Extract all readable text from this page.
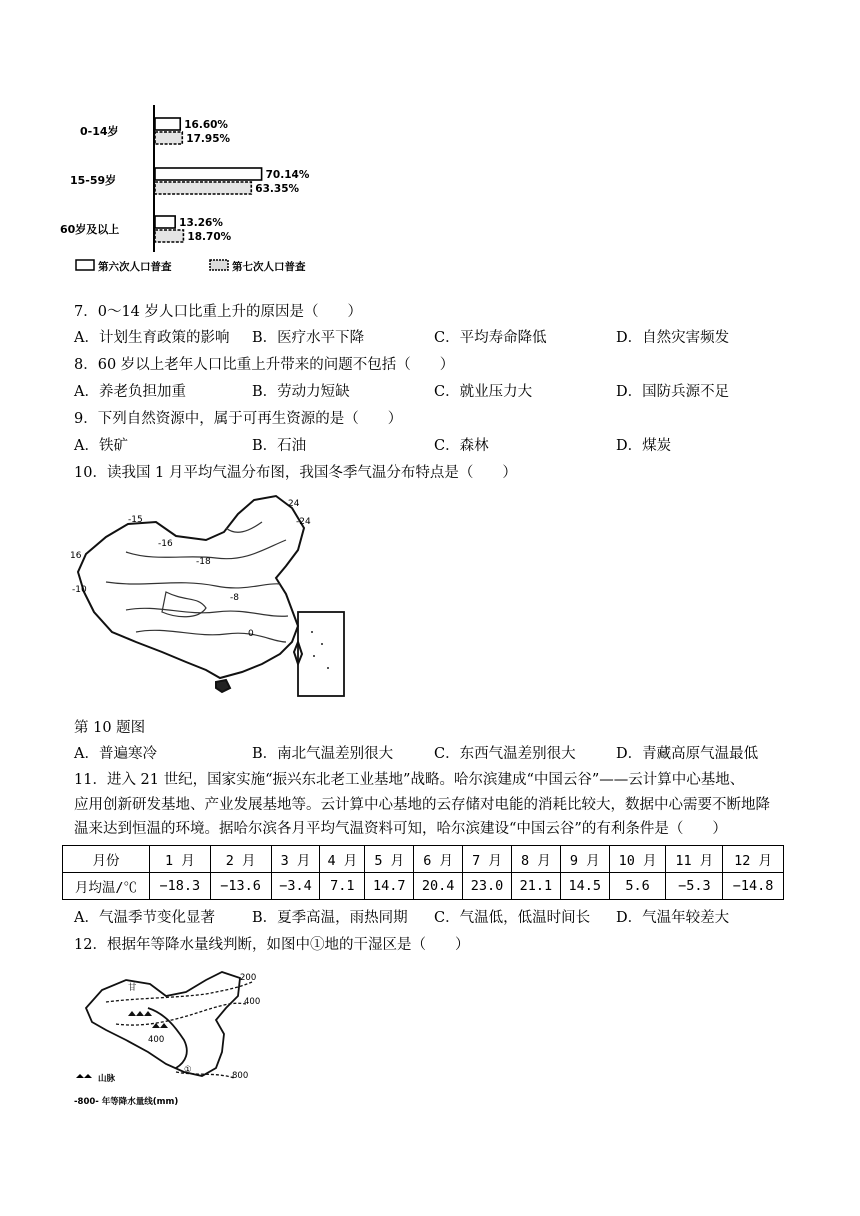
16.60%
17.95%
70.14%
63.35%
13.26%
18.70%
0-14岁
15-59岁
60岁及以上
第六次人口普查	第七次人口普查
7．0～14 岁人口比重上升的原因是（　　）
A．计划生育政策的影响 B．医疗水平下降	C．平均寿命降低	D．自然灾害频发
8．60 岁以上老年人口比重上升带来的问题不包括（　　）
A．养老负担加重	B．劳动力短缺	C．就业压力大	D．国防兵源不足
9．下列自然资源中，属于可再生资源的是（　　）
A．铁矿	B．石油	C．森林	D．煤炭
10．读我国 1 月平均气温分布图，我国冬季气温分布特点是（　　）
24
-24
-15
-16
-18
-10
-8
16
0
第 10 题图
A．普遍寒冷	B．南北气温差别很大	C．东西气温差别很大	D．青藏高原气温最低
11．进入 21 世纪，国家实施“振兴东北老工业基地”战略。哈尔滨建成“中国云谷”——云计算中心基地、
应用创新研发基地、产业发展基地等。云计算中心基地的云存储对电能的消耗比较大，数据中心需要不断地降
温来达到恒温的环境。据哈尔滨各月平均气温资料可知，哈尔滨建设“中国云谷”的有利条件是（　　）
月份	1 月	2 月	3 月	4 月	5 月	6 月	7 月	8 月	9 月	10 月	11 月	12 月
月均温/℃	−18.3	−13.6	−3.4	7.1	14.7	20.4	23.0	21.1	14.5	5.6	−5.3	−14.8
A．气温季节变化显著	B．夏季高温，雨热同期 C．气温低，低温时间长 D．气温年较差大
12．根据年等降水量线判断，如图中①地的干湿区是（　　）
200
400
400
800
甘
①
山脉
-800- 年等降水量线(mm)
